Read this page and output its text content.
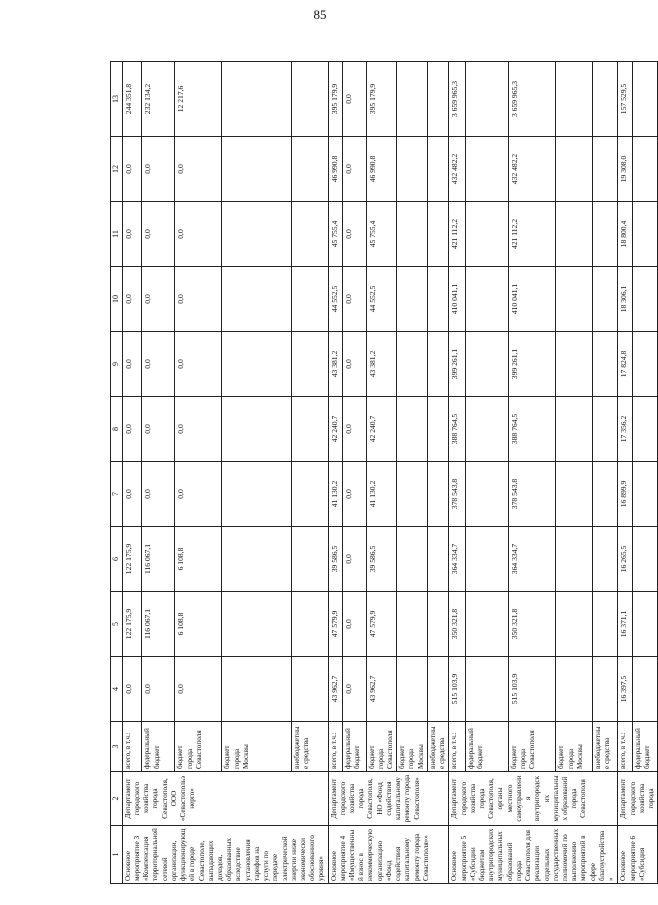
85
1	2	3	4	5	6	7	8	9	10	11	12	13
Основное мероприятие 3 «Компенсация территориальной сетевой организации, функционирующей в городе Севастополе, выпадающих доходов, образованных вследствие установления тарифов на услуги по передаче электрической энергии ниже экономически обоснованного уровня»	Департамент городского хозяйства города Севастополя, ООО «Севастопольэнерго»	всего, в т.ч.:	0,0	122 175,9	122 175,9	0,0	0,0	0,0	0,0	0,0	0,0	244 351,8
		федеральный бюджет	0,0	116 067,1	116 067,1	0,0	0,0	0,0	0,0	0,0	0,0	232 134,2
		бюджет города Севастополя	0,0	6 108,8	6 108,8	0,0	0,0	0,0	0,0	0,0	0,0	12 217,6
		бюджет города Москвы										
		внебюджетные средства										
Основное мероприятие 4 «Имущественный взнос в некоммерческую организацию «Фонд содействия капитальному ремонту города Севастополя»»	Департамент городского хозяйства города Севастополя, НО «Фонд содействия капитальному ремонту города Севастополя»	всего, в т.ч.:	43 962,7	47 579,9	39 586,5	41 130,2	42 240,7	43 381,2	44 552,5	45 755,4	46 990,8	395 179,9
		федеральный бюджет	0,0	0,0	0,0	0,0	0,0	0,0	0,0	0,0	0,0	0,0
		бюджет города Севастополя	43 962,7	47 579,9	39 586,5	41 130,2	42 240,7	43 381,2	44 552,5	45 755,4	46 990,8	395 179,9
		бюджет города Москвы										
		внебюджетные средства										
Основное мероприятие 5 «Субсидии бюджетам внутригородских муниципальных образований города Севастополя для реализации отдельных государственных полномочий по выполнению мероприятий в сфере благоустройства»	Департамент городского хозяйства города Севастополя, органы местного самоуправления внутригородских муниципальных образований города Севастополя	всего, в т.ч.:	515 103,9	350 321,8	364 334,7	378 543,8	388 764,5	399 261,1	410 041,1	421 112,2	432 482,2	3 659 965,3
		федеральный бюджет										
		бюджет города Севастополя	515 103,9	350 321,8	364 334,7	378 543,8	388 764,5	399 261,1	410 041,1	421 112,2	432 482,2	3 659 965,3
		бюджет города Москвы										
		внебюджетные средства										
Основное мероприятие 6 «Субсидия	Департамент городского хозяйства города	всего, в т.ч.:	16 397,5	16 371,1	16 265,5	16 899,9	17 356,2	17 824,8	18 306,1	18 800,4	19 308,0	157 529,5
		федеральный бюджет										
